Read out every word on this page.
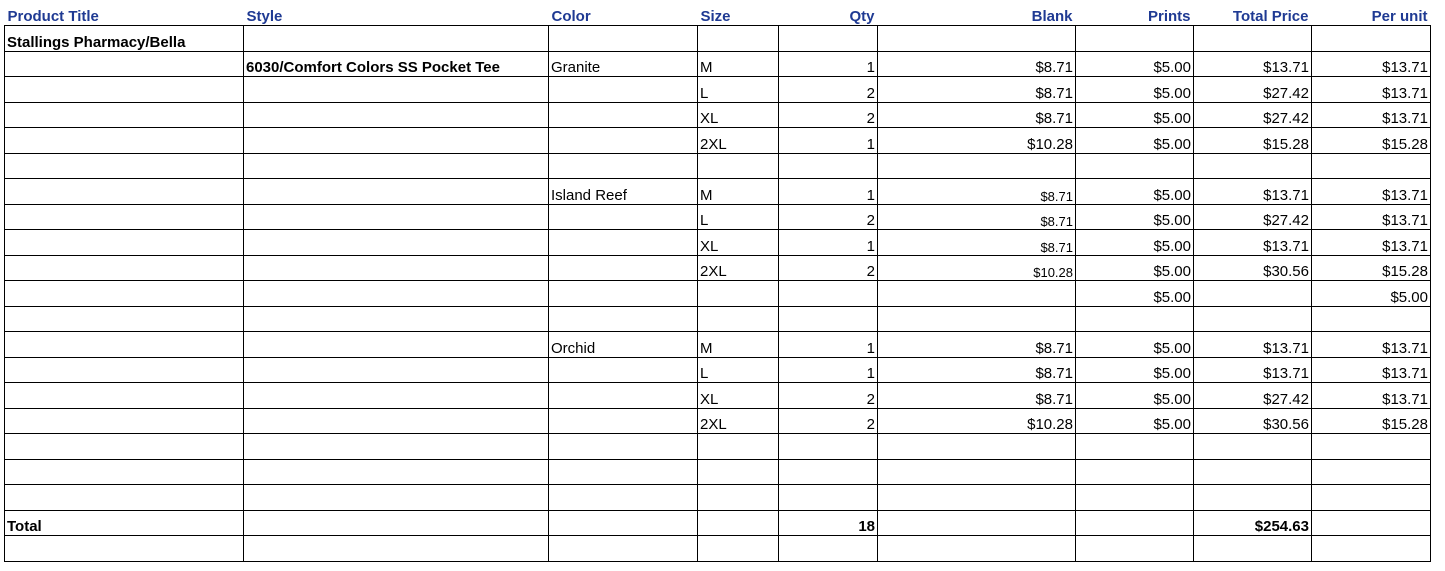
Product Title	Style	Color	Size	Qty	Blank	Prints	Total Price	Per unit
Stallings Pharmacy/Bella								
	6030/Comfort Colors SS Pocket Tee	Granite	M	1	$8.71	$5.00	$13.71	$13.71
			L	2	$8.71	$5.00	$27.42	$13.71
			XL	2	$8.71	$5.00	$27.42	$13.71
			2XL	1	$10.28	$5.00	$15.28	$15.28

		Island Reef	M	1	$8.71	$5.00	$13.71	$13.71
			L	2	$8.71	$5.00	$27.42	$13.71
			XL	1	$8.71	$5.00	$13.71	$13.71
			2XL	2	$10.28	$5.00	$30.56	$15.28
						$5.00		$5.00

		Orchid	M	1	$8.71	$5.00	$13.71	$13.71
			L	1	$8.71	$5.00	$13.71	$13.71
			XL	2	$8.71	$5.00	$27.42	$13.71
			2XL	2	$10.28	$5.00	$30.56	$15.28

Total				18			$254.63	
